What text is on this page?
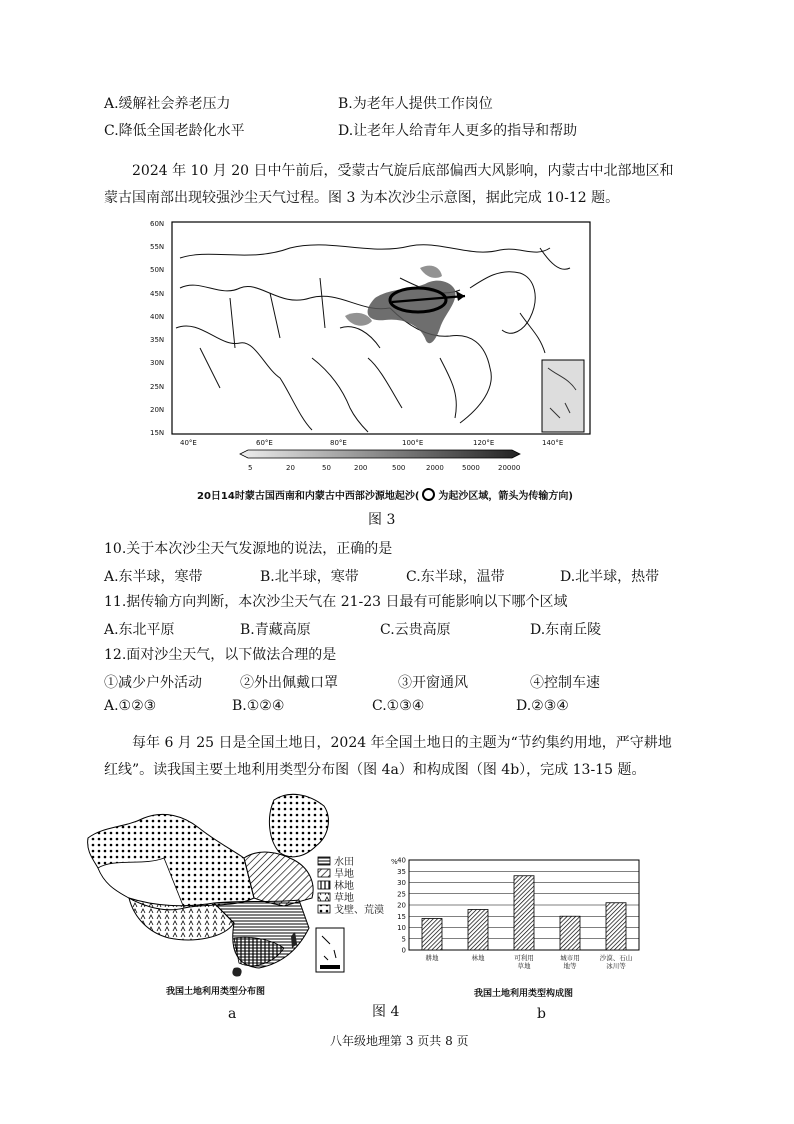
A.缓解社会养老压力	B.为老年人提供工作岗位
C.降低全国老龄化水平	D.让老年人给青年人更多的指导和帮助
2024 年 10 月 20 日中午前后，受蒙古气旋后底部偏西大风影响，内蒙古中北部地区和
蒙古国南部出现较强沙尘天气过程。图 3 为本次沙尘示意图，据此完成 10-12 题。
60N
55N
50N
45N
40N
35N
30N
25N
20N
15N
40°E	60°E	80°E	100°E	120°E	140°E
5	20	50	200	500	2000	5000	20000
20日14时蒙古国西南和内蒙古中西部沙源地起沙( 为起沙区域，箭头为传输方向)
图 3
10.关于本次沙尘天气发源地的说法，正确的是
A.东半球，寒带	B.北半球，寒带	C.东半球，温带	D.北半球，热带
11.据传输方向判断，本次沙尘天气在 21-23 日最有可能影响以下哪个区域
A.东北平原	B.青藏高原	C.云贵高原	D.东南丘陵
12.面对沙尘天气，以下做法合理的是
①减少户外活动	②外出佩戴口罩	③开窗通风	④控制车速
A.①②③	B.①②④	C.①③④	D.②③④
每年 6 月 25 日是全国土地日，2024 年全国土地日的主题为“节约集约用地，严守耕地
红线”。读我国主要土地利用类型分布图（图 4a）和构成图（图 4b），完成 13-15 题。
水田
旱地
林地
草地
戈壁、荒漠
我国土地利用类型分布图
a
%
0
5
10
15
20
25
30
35
40
耕地	林地	可利用
草地
城市用
地等
沙漠、石山
冰川等
我国土地利用类型构成图
b
图 4
八年级地理第 3 页共 8 页
